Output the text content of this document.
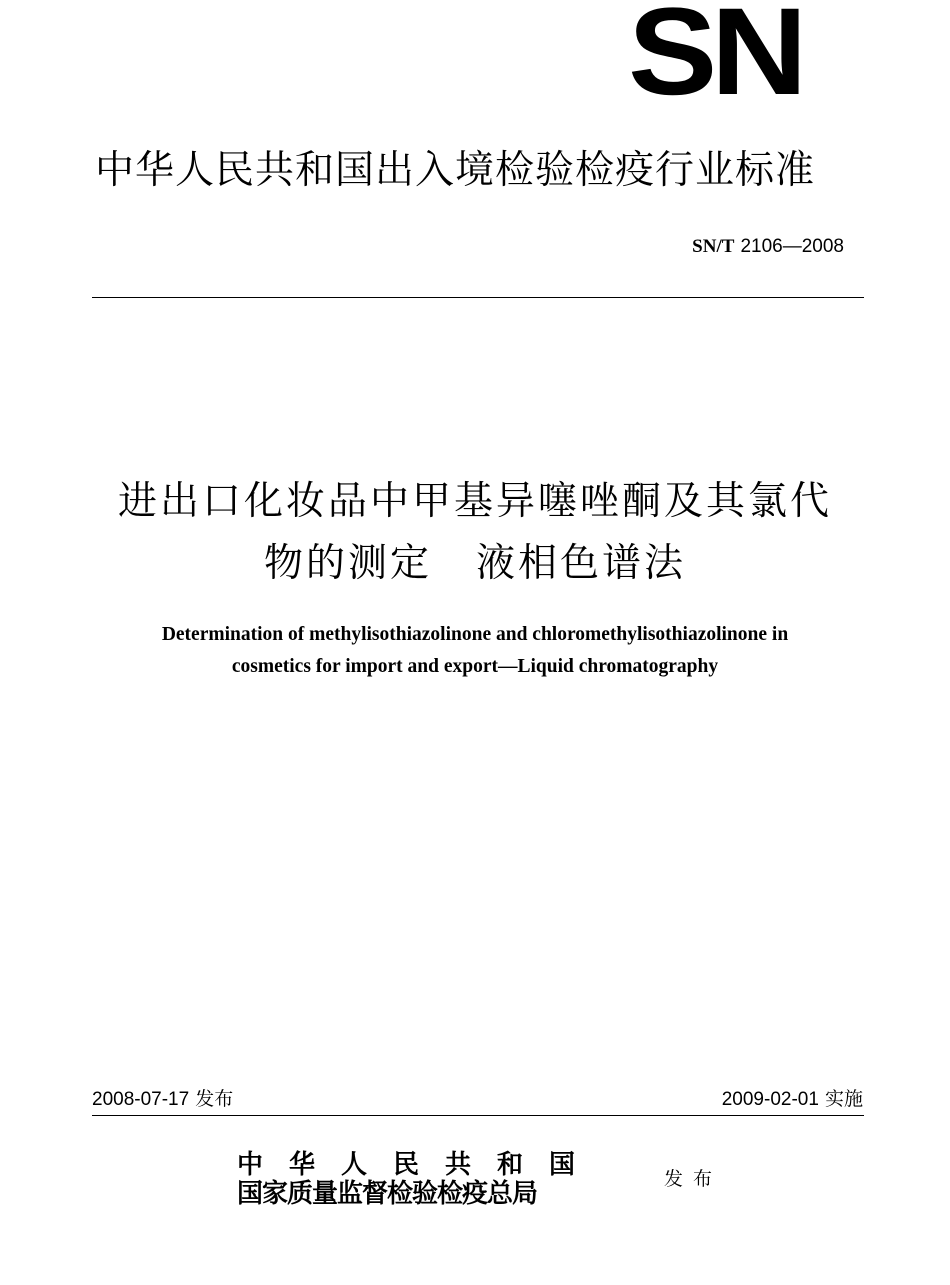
SN
中华人民共和国出入境检验检疫行业标准
SN/T 2106—2008
进出口化妆品中甲基异噻唑酮及其氯代
物的测定 液相色谱法
Determination of methylisothiazolinone and chloromethylisothiazolinone in
cosmetics for import and export—Liquid chromatography
2008-07-17 发布	2009-02-01 实施
中华人民共和国
国家质量监督检验检疫总局	发布
